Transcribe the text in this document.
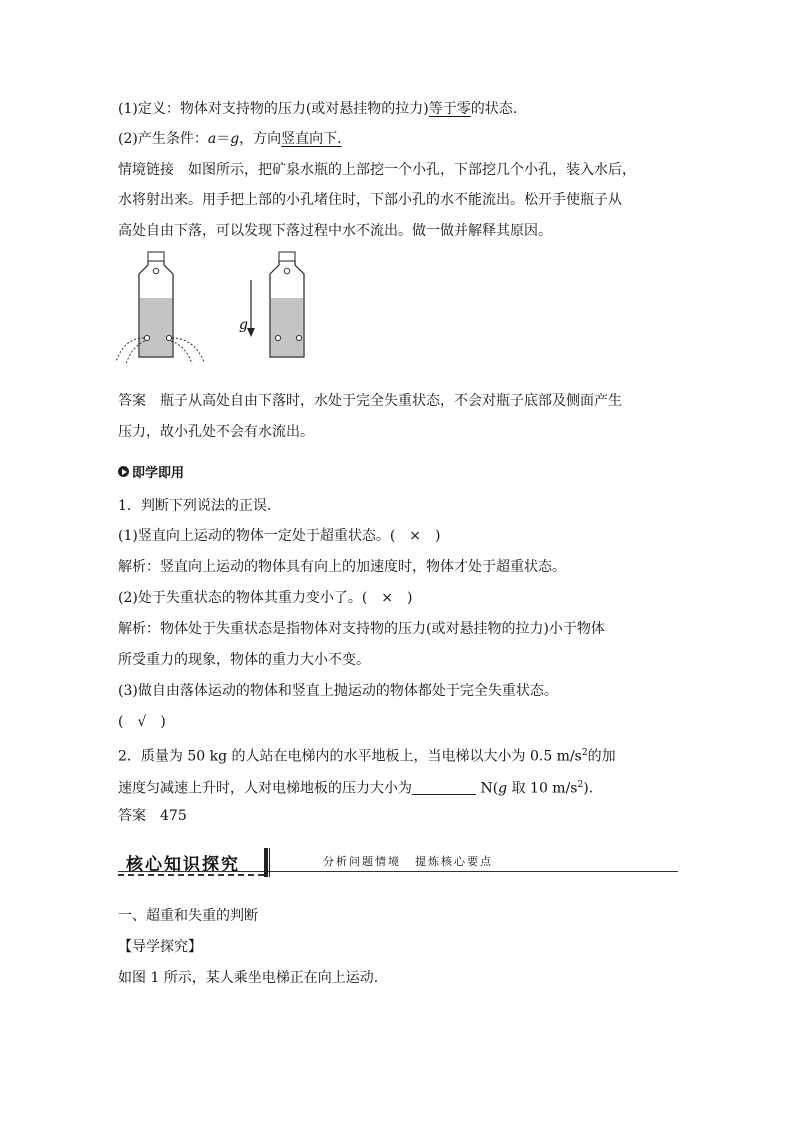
(1)定义：物体对支持物的压力(或对悬挂物的拉力)等于零的状态.
(2)产生条件：a＝g，方向竖直向下.
情境链接　如图所示，把矿泉水瓶的上部挖一个小孔，下部挖几个小孔，装入水后，
水将射出来。用手把上部的小孔堵住时，下部小孔的水不能流出。松开手使瓶子从
高处自由下落，可以发现下落过程中水不流出。做一做并解释其原因。
g
答案　瓶子从高处自由下落时，水处于完全失重状态，不会对瓶子底部及侧面产生
压力，故小孔处不会有水流出。
即学即用
1．判断下列说法的正误.
(1)竖直向上运动的物体一定处于超重状态。(　×　)
解析：竖直向上运动的物体具有向上的加速度时，物体才处于超重状态。
(2)处于失重状态的物体其重力变小了。(　×　)
解析：物体处于失重状态是指物体对支持物的压力(或对悬挂物的拉力)小于物体
所受重力的现象，物体的重力大小不变。
(3)做自由落体运动的物体和竖直上抛运动的物体都处于完全失重状态。
(　√　)
2．质量为 50 kg 的人站在电梯内的水平地板上，当电梯以大小为 0.5 $m/s^2$的加
速度匀减速上升时，人对电梯地板的压力大小为	N(g 取 10 $m/s^2$).
答案　475
核心知识探究	分析问题情境 提炼核心要点
一、超重和失重的判断
【导学探究】
如图 1 所示，某人乘坐电梯正在向上运动.
